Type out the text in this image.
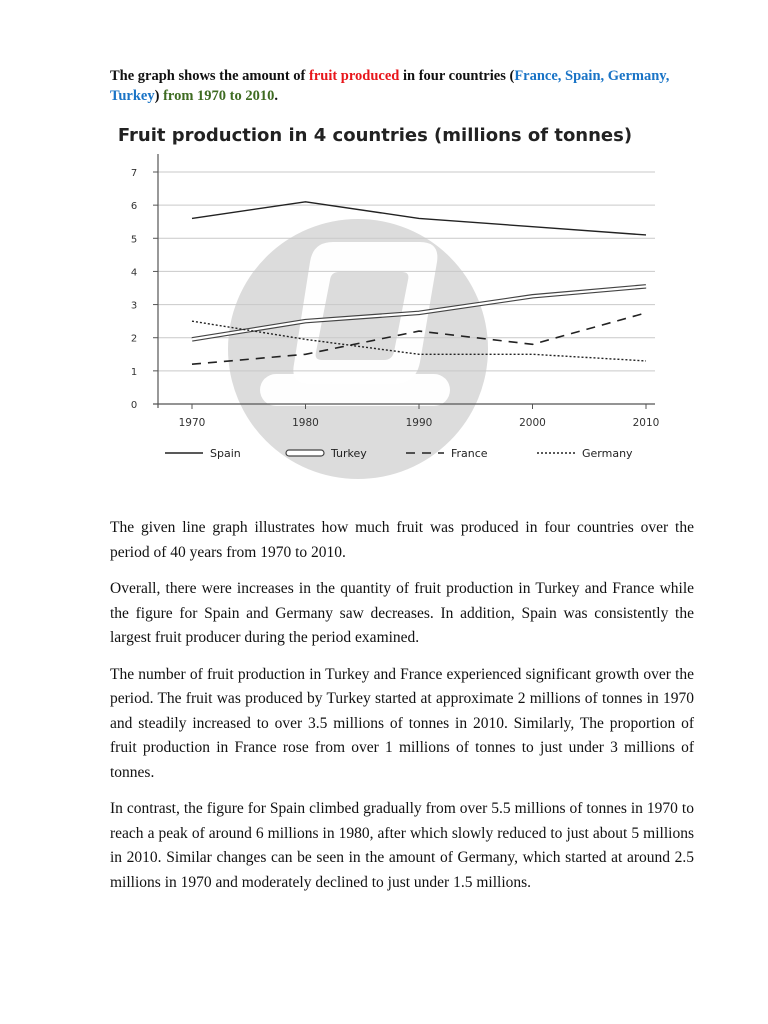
The graph shows the amount of fruit produced in four countries (France, Spain, Germany, Turkey) from 1970 to 2010.
Fruit production in 4 countries (millions of tonnes)
0
1
2
3
4
5
6
7
1970	1980	1990	2000	2010
Spain	Turkey	France	Germany

The given line graph illustrates how much fruit was produced in four countries over the period of 40 years from 1970 to 2010.

Overall, there were increases in the quantity of fruit production in Turkey and France while the figure for Spain and Germany saw decreases. In addition, Spain was consistently the largest fruit producer during the period examined.

The number of fruit production in Turkey and France experienced significant growth over the period. The fruit was produced by Turkey started at approximate 2 millions of tonnes in 1970 and steadily increased to over 3.5 millions of tonnes in 2010. Similarly, The proportion of fruit production in France rose from over 1 millions of tonnes to just under 3 millions of tonnes.

In contrast, the figure for Spain climbed gradually from over 5.5 millions of tonnes in 1970 to reach a peak of around 6 millions in 1980, after which slowly reduced to just about 5 millions in 2010. Similar changes can be seen in the amount of Germany, which started at around 2.5 millions in 1970 and moderately declined to just under 1.5 millions.
